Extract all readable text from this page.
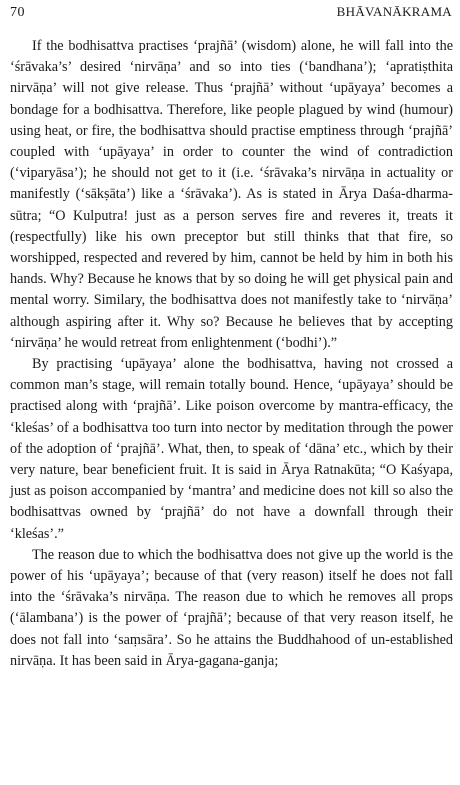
70	BHĀVANĀKRAMA

If the bodhisattva practises ‘prajñā’ (wisdom) alone, he will fall into the ‘śrāvaka’s’ desired ‘nirvāṇa’ and so into ties (‘bandhana’); ‘apratiṣthita nirvāṇa’ will not give release. Thus ‘prajñā’ without ‘upāyaya’ becomes a bondage for a bodhisattva. Therefore, like people plagued by wind (humour) using heat, or fire, the bodhisattva should practise emptiness through ‘prajñā’ coupled with ‘upāyaya’ in order to counter the wind of contradiction (‘viparyāsa’); he should not get to it (i.e. ‘śrāvaka’s nirvāṇa in actuality or manifestly (‘sākṣāta’) like a ‘śrāvaka’). As is stated in Ārya Daśa-dharma-sūtra; “O Kulputra! just as a person serves fire and reveres it, treats it (respectfully) like his own preceptor but still thinks that that fire, so worshipped, respected and revered by him, cannot be held by him in both his hands. Why? Because he knows that by so doing he will get physical pain and mental worry. Similary, the bodhisattva does not manifestly take to ‘nirvāṇa’ although aspiring after it. Why so? Because he believes that by accepting ‘nirvāṇa’ he would retreat from enlightenment (‘bodhi’).”

By practising ‘upāyaya’ alone the bodhisattva, having not crossed a common man’s stage, will remain totally bound. Hence, ‘upāyaya’ should be practised along with ‘prajñā’. Like poison overcome by mantra-efficacy, the ‘kleśas’ of a bodhisattva too turn into nector by meditation through the power of the adoption of ‘prajñā’. What, then, to speak of ‘dāna’ etc., which by their very nature, bear beneficient fruit. It is said in Ārya Ratnakūta; “O Kaśyapa, just as poison accompanied by ‘mantra’ and medicine does not kill so also the bodhisattvas owned by ‘prajñā’ do not have a downfall through their ‘kleśas’.”

The reason due to which the bodhisattva does not give up the world is the power of his ‘upāyaya’; because of that (very reason) itself he does not fall into the ‘śrāvaka’s nirvāṇa. The reason due to which he removes all props (‘ālambana’) is the power of ‘prajñā’; because of that very reason itself, he does not fall into ‘saṃsāra’. So he attains the Buddhahood of un-established nirvāṇa. It has been said in Ārya-gagana-ganja;
